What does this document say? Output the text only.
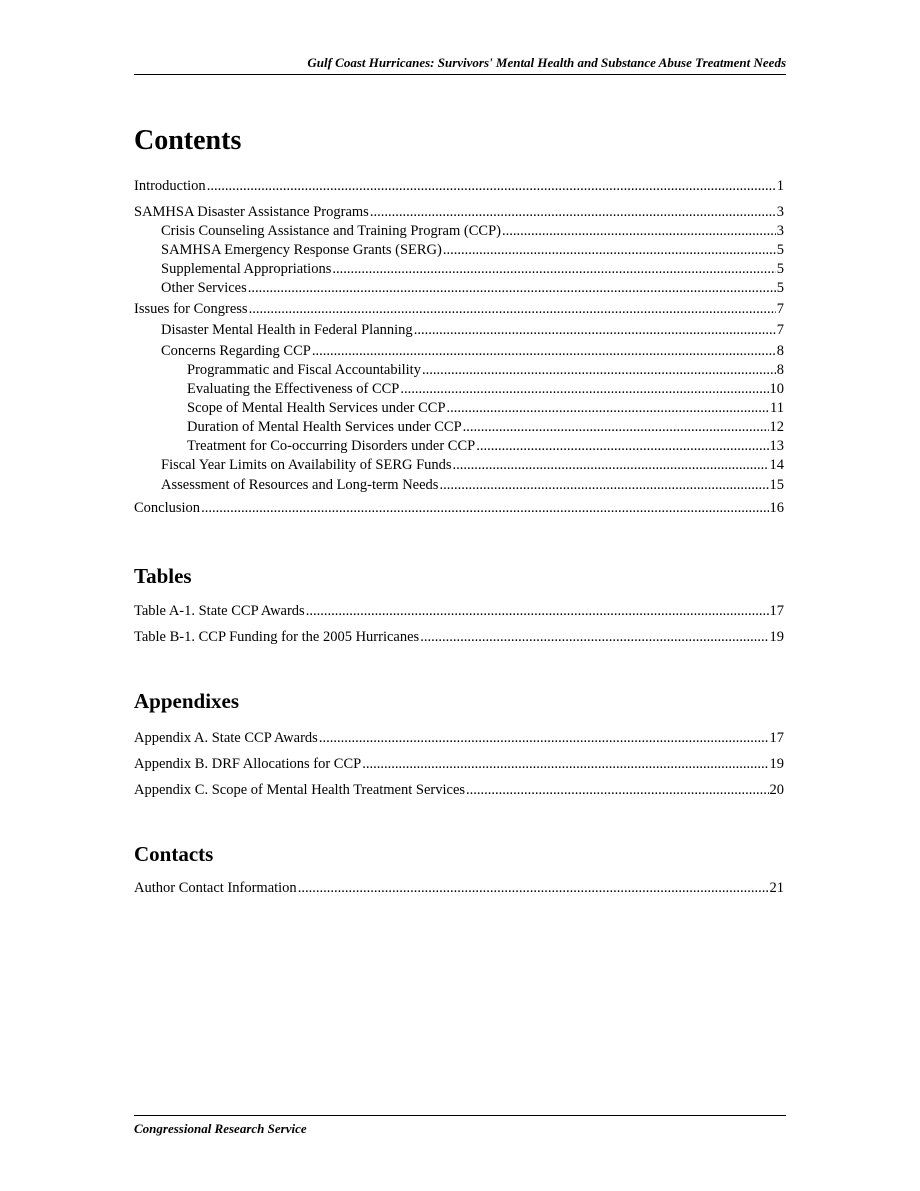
Gulf Coast Hurricanes: Survivors' Mental Health and Substance Abuse Treatment Needs
Contents
Introduction .....	1
SAMHSA Disaster Assistance Programs .....	3
Crisis Counseling Assistance and Training Program (CCP) .....	3
SAMHSA Emergency Response Grants (SERG) .....	5
Supplemental Appropriations .....	5
Other Services .....	5
Issues for Congress .....	7
Disaster Mental Health in Federal Planning .....	7
Concerns Regarding CCP .....	8
Programmatic and Fiscal Accountability .....	8
Evaluating the Effectiveness of CCP .....	10
Scope of Mental Health Services under CCP .....	11
Duration of Mental Health Services under CCP .....	12
Treatment for Co-occurring Disorders under CCP .....	13
Fiscal Year Limits on Availability of SERG Funds .....	14
Assessment of Resources and Long-term Needs .....	15
Conclusion .....	16
Tables
Table A-1. State CCP Awards .....	17
Table B-1. CCP Funding for the 2005 Hurricanes .....	19
Appendixes
Appendix A. State CCP Awards .....	17
Appendix B. DRF Allocations for CCP .....	19
Appendix C. Scope of Mental Health Treatment Services .....	20
Contacts
Author Contact Information .....	21
Congressional Research Service
